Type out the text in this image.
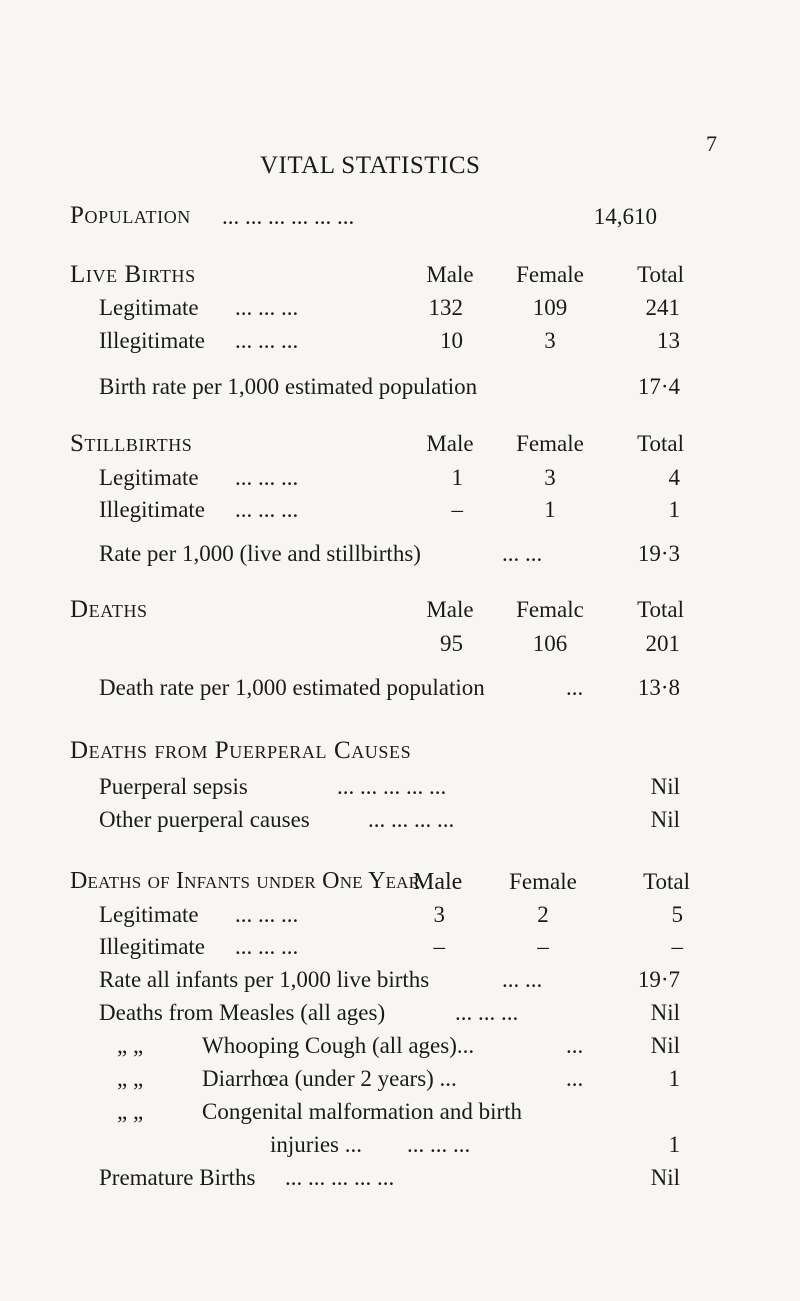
7
VITAL STATISTICS
Population ... ... ... ... ... ...	14,610
Live Births	Male	Female	Total
Legitimate ... ... ...	132	109	241
Illegitimate ... ... ...	10	3	13
Birth rate per 1,000 estimated population	17·4
Stillbirths	Male	Female	Total
Legitimate ... ... ...	1	3	4
Illegitimate ... ... ...	–	1	1
Rate per 1,000 (live and stillbirths)	... ...	19·3
Deaths	Male	Femalc	Total
95	106	201
Death rate per 1,000 estimated population	...	13·8
Deaths from Puerperal Causes
Puerperal sepsis	... ... ... ... ...	Nil
Other puerperal causes	... ... ... ...	Nil
Deaths of Infants under One Year
Male	Female	Total
Legitimate ... ... ...	3	2	5
Illegitimate ... ... ...	–	–	–
Rate all infants per 1,000 live births	... ...	19·7
Deaths from Measles (all ages)	... ... ...	Nil
„ „	Whooping Cough (all ages)...	...	Nil
„ „	Diarrhœa (under 2 years) ...	...	1
„ „	Congenital malformation and birth
injuries ... ... ... ...	1
Premature Births ... ... ... ... ...	Nil
